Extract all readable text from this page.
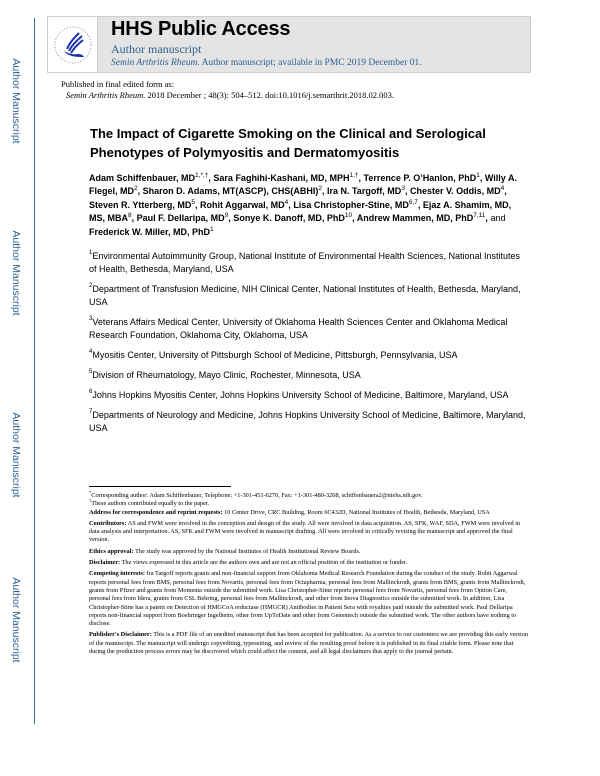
Author Manuscript
Author Manuscript
Author Manuscript
Author Manuscript
HHS Public Access
Author manuscript
Semin Arthritis Rheum. Author manuscript; available in PMC 2019 December 01.
Published in final edited form as:
Semin Arthritis Rheum. 2018 December ; 48(3): 504–512. doi:10.1016/j.semarthrit.2018.02.003.
The Impact of Cigarette Smoking on the Clinical and Serological Phenotypes of Polymyositis and Dermatomyositis
Adam Schiffenbauer, $MD^{1,*,\dagger}$, Sara Faghihi-Kashani, MD, $MPH^{1,\dagger}$, Terrence P. O’Hanlon, PhD$^1$, Willy A. Flegel, $MD^2$, Sharon D. Adams, MT(ASCP), CHS(ABHI)$^2$, Ira N. Targoff, $MD^3$, Chester V. Oddis, $MD^4$, Steven R. Ytterberg, $MD^5$, Rohit Aggarwal, $MD^4$, Lisa Christopher-Stine, MD$^{6,7}$, Ejaz A. Shamim, MD, MS, MBA$^8$, Paul F. Dellaripa, $MD^9$, Sonye K. Danoff, MD, PhD$^{10}$, Andrew Mammen, MD, PhD$^{7,11}$, and Frederick W. Miller, MD, PhD$^1$
$^1$Environmental Autoimmunity Group, National Institute of Environmental Health Sciences, National Institutes of Health, Bethesda, Maryland, USA
$^2$Department of Transfusion Medicine, NIH Clinical Center, National Institutes of Health, Bethesda, Maryland, USA
$^3$Veterans Affairs Medical Center, University of Oklahoma Health Sciences Center and Oklahoma Medical Research Foundation, Oklahoma City, Oklahoma, USA
$^4$Myositis Center, University of Pittsburgh School of Medicine, Pittsburgh, Pennsylvania, USA
$^5$Division of Rheumatology, Mayo Clinic, Rochester, Minnesota, USA
$^6$Johns Hopkins Myositis Center, Johns Hopkins University School of Medicine, Baltimore, Maryland, USA
$^7$Departments of Neurology and Medicine, Johns Hopkins University School of Medicine, Baltimore, Maryland, USA
*Corresponding author: Adam Schiffenbauer, Telephone: +1-301-451-6270, Fax: +1-301-480-3208, schiffenbauera2@niehs.nih.gov.
†These authors contributed equally to the paper.
Address for correspondence and reprint requests: 10 Center Drive, CRC Building, Room 6C432D, National Institutes of Health, Bethesda, Maryland, USA
Contributors: AS and FWM were involved in the conception and design of the study. All were involved in data acquisition. AS, SFK, WAF, SDA, FWM were involved in data analysis and interpretation. AS, SFK and FWM were involved in manuscript drafting. All were involved in critically revising the manuscript and approved the final version.
Ethics approval: The study was approved by the National Institutes of Health Institutional Review Boards.
Disclaimer: The views expressed in this article are the authors own and are not an official position of the institution or funder.
Competing interests: Ira Targoff reports grants and non-financial support from Oklahoma Medical Research Foundation during the conduct of the study. Rohit Aggarwal reports personal fees from BMS, personal fees from Novartis, personal fees from Octapharma, personal fees from Mallinckrodt, grants from BMS, grants from Mallinckrodt, grants from Pfizer and grants from Momenta outside the submitted work. Lisa Christopher-Stine reports personal fees from Novartis, personal fees from Option Care, personal fees from Idera, grants from CSL Behring, personal fees from Mallinckrodt, and other from Inova Diagnostics outside the submitted work. In addition, Lisa Christopher-Stine has a patent on Detection of HMGCoA reductase (HMGCR) Antibodies in Patient Sera with royalties paid outside the submitted work. Paul Dellaripa reports non-financial support from Boehringer Ingelheim, other from UpToDate and other from Genentech outside the submitted work. The other authors have nothing to disclose.
Publisher's Disclaimer: This is a PDF file of an unedited manuscript that has been accepted for publication. As a service to our customers we are providing this early version of the manuscript. The manuscript will undergo copyediting, typesetting, and review of the resulting proof before it is published in its final citable form. Please note that during the production process errors may be discovered which could affect the content, and all legal disclaimers that apply to the journal pertain.
